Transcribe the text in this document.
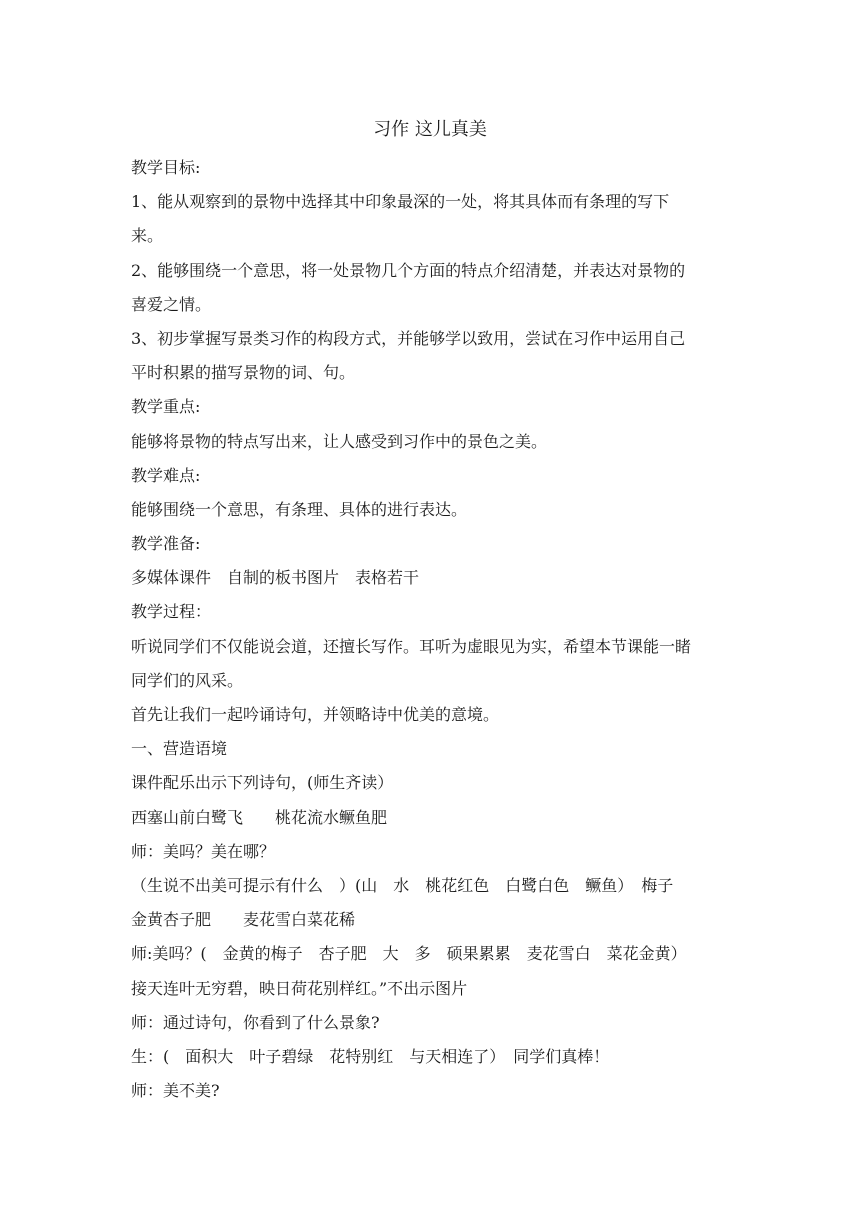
习作 这儿真美
教学目标:
1、能从观察到的景物中选择其中印象最深的一处，将其具体而有条理的写下
来。
2、能够围绕一个意思，将一处景物几个方面的特点介绍清楚，并表达对景物的
喜爱之情。
3、初步掌握写景类习作的构段方式，并能够学以致用，尝试在习作中运用自己
平时积累的描写景物的词、句。
教学重点:
能够将景物的特点写出来，让人感受到习作中的景色之美。
教学难点:
能够围绕一个意思，有条理、具体的进行表达。
教学准备:
多媒体课件　自制的板书图片　表格若干
教学过程：
听说同学们不仅能说会道，还擅长写作。耳听为虚眼见为实，希望本节课能一睹
同学们的风采。
首先让我们一起吟诵诗句，并领略诗中优美的意境。
一、营造语境
课件配乐出示下列诗句，(师生齐读）
西塞山前白鹭飞　　桃花流水鳜鱼肥
师：美吗？美在哪？
（生说不出美可提示有什么　）(山　水　桃花红色　白鹭白色　鳜鱼）　梅子
金黄杏子肥　　麦花雪白菜花稀
师:美吗？(　金黄的梅子　杏子肥　大　多　硕果累累　麦花雪白　菜花金黄）
接天连叶无穷碧，映日荷花别样红。”不出示图片
师：通过诗句，你看到了什么景象?
生：(　面积大　叶子碧绿　花特别红　与天相连了）　同学们真棒！
师：美不美?
